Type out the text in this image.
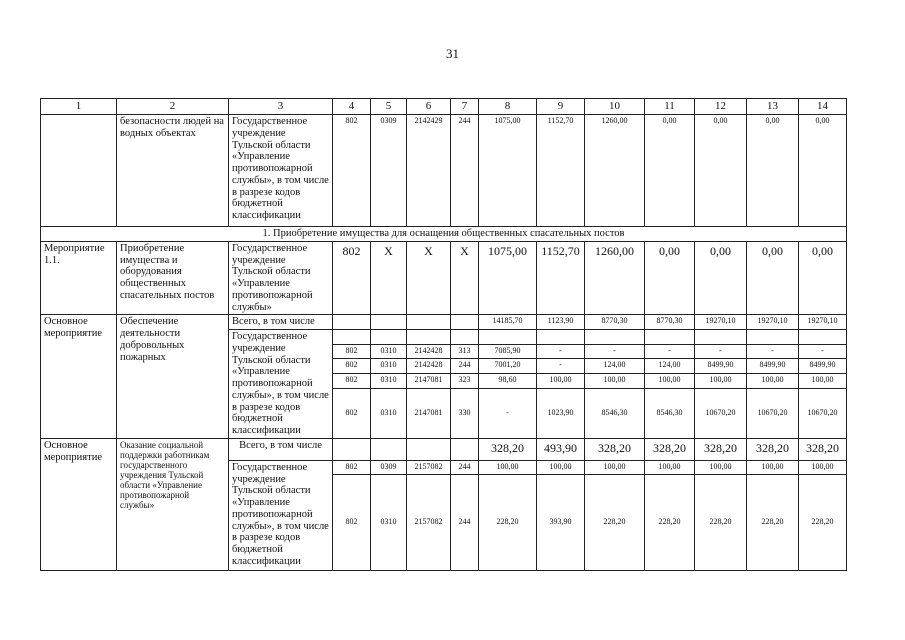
31
1	2	3	4	5	6	7	8	9	10	11	12	13	14
	безопасности людей на водных объектах	Государственное учреждение Тульской области «Управление противопожарной службы», в том числе в разрезе кодов бюджетной классификации	802	0309	2142429	244	1075,00	1152,70	1260,00	0,00	0,00	0,00	0,00
1. Приобретение имущества для оснащения общественных спасательных постов													
Мероприятие 1.1.	Приобретение имущества и оборудования общественных спасательных постов	Государственное учреждение Тульской области «Управление противопожарной службы»	802	Х	Х	Х	1075,00	1152,70	1260,00	0,00	0,00	0,00	0,00
Основное мероприятие	Обеспечение деятельности добровольных пожарных	Всего, в том числе					14185,70	1123,90	8770,30	8770,30	19270,10	19270,10	19270,10
		Государственное учреждение Тульской области «Управление противопожарной службы», в том числе в разрезе кодов бюджетной классификации											
			802	0310	2142428	313	7085,90	-	-	-	-	-	-
			802	0310	2142428	244	7001,20	-	124,00	124,00	8499,90	8499,90	8499,90
			802	0310	2147081	323	98,60	100,00	100,00	100,00	100,00	100,00	100,00
			802	0310	2147081	330	-	1023,90	8546,30	8546,30	10670,20	10670,20	10670,20
Основное мероприятие	Оказание социальной поддержки работникам государственного учреждения Тульской области «Управление противопожарной службы»	Всего, в том числе					328,20	493,90	328,20	328,20	328,20	328,20	328,20
		Государственное учреждение Тульской области «Управление противопожарной службы», в том числе в разрезе кодов бюджетной классификации	802	0309	2157082	244	100,00	100,00	100,00	100,00	100,00	100,00	100,00
			802	0310	2157082	244	228,20	393,90	228,20	228,20	228,20	228,20	228,20
